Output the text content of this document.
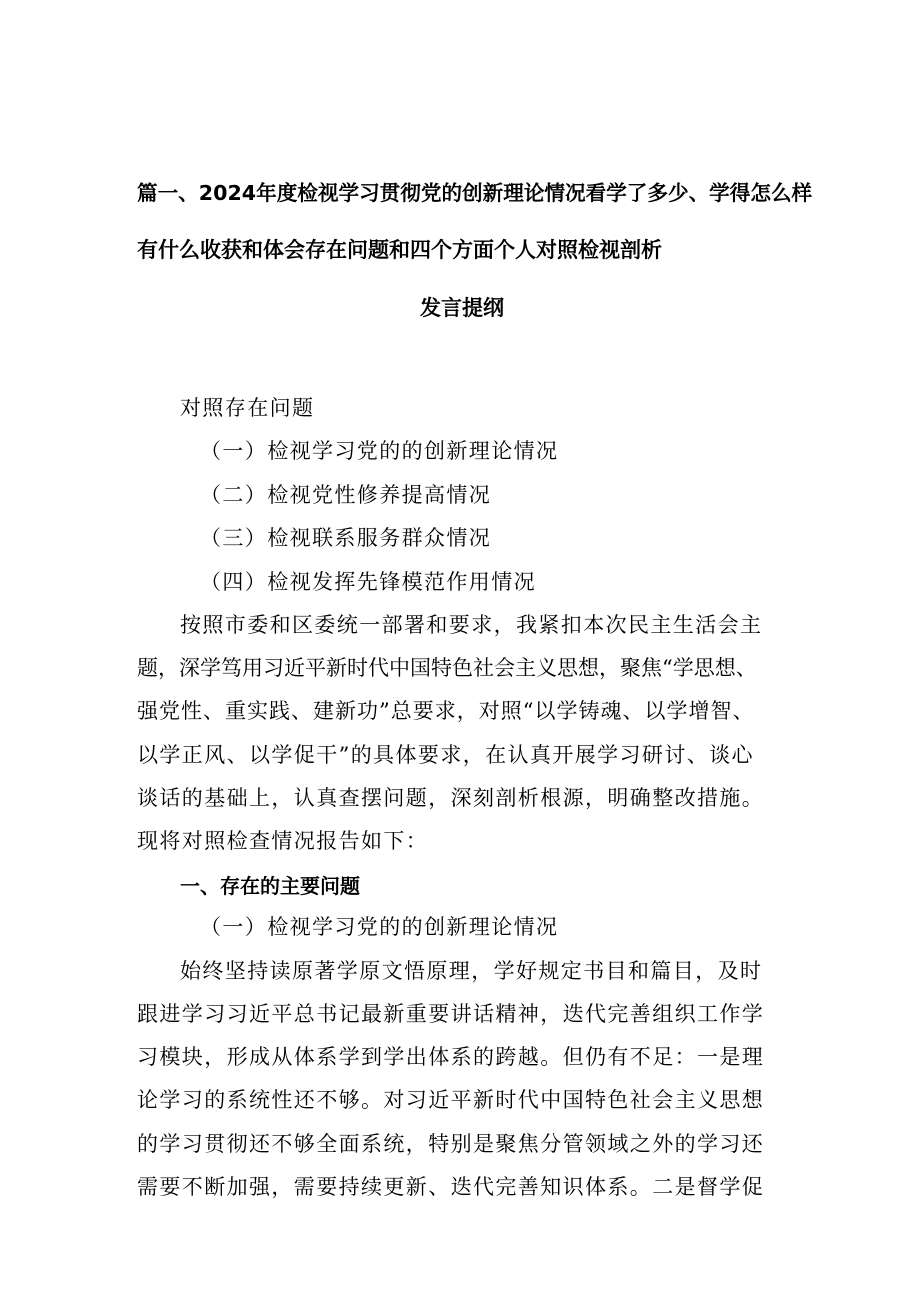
篇一、2024年度检视学习贯彻党的创新理论情况看学了多少、学得怎么样
有什么收获和体会存在问题和四个方面个人对照检视剖析
发言提纲
对照存在问题
（一）检视学习党的的创新理论情况
（二）检视党性修养提高情况
（三）检视联系服务群众情况
（四）检视发挥先锋模范作用情况
按照市委和区委统一部署和要求，我紧扣本次民主生活会主
题，深学笃用习近平新时代中国特色社会主义思想，聚焦“学思想、
强党性、重实践、建新功”总要求，对照“以学铸魂、以学增智、
以学正风、以学促干”的具体要求，在认真开展学习研讨、谈心
谈话的基础上，认真查摆问题，深刻剖析根源，明确整改措施。
现将对照检查情况报告如下：
一、存在的主要问题
（一）检视学习党的的创新理论情况
始终坚持读原著学原文悟原理，学好规定书目和篇目，及时
跟进学习习近平总书记最新重要讲话精神，迭代完善组织工作学
习模块，形成从体系学到学出体系的跨越。但仍有不足：一是理
论学习的系统性还不够。对习近平新时代中国特色社会主义思想
的学习贯彻还不够全面系统，特别是聚焦分管领域之外的学习还
需要不断加强，需要持续更新、迭代完善知识体系。二是督学促
